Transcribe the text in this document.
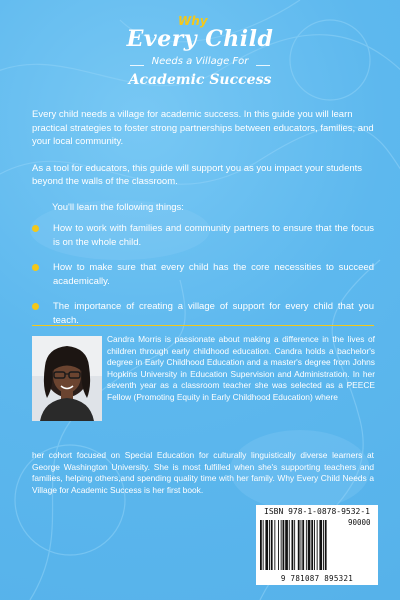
Why
Every Child
Needs a Village For
Academic Success

Every child needs a village for academic success. In this guide you will learn practical strategies to foster strong partnerships between educators, families, and your local community.

As a tool for educators, this guide will support you as you impact your students beyond the walls of the classroom.

You'll learn the following things:
How to work with families and community partners to ensure that the focus is on the whole child.
How to make sure that every child has the core necessities to succeed academically.
The importance of creating a village of support for every child that you teach.
Candra Morris is passionate about making a difference in the lives of children through early childhood education. Candra holds a bachelor's degree in Early Childhood Education and a master's degree from Johns Hopkins University in Education Supervision and Administration. In her seventh year as a classroom teacher she was selected as a PEECE Fellow (Promoting Equity in Early Childhood Education) where
her cohort focused on Special Education for culturally linguistically diverse learners at George Washington University. She is most fulfilled when she's supporting teachers and families, helping others,and spending quality time with her family. Why Every Child Needs a Village for Academic Success is her first book.
ISBN 978-1-0878-9532-1
90000
9 781087 895321
